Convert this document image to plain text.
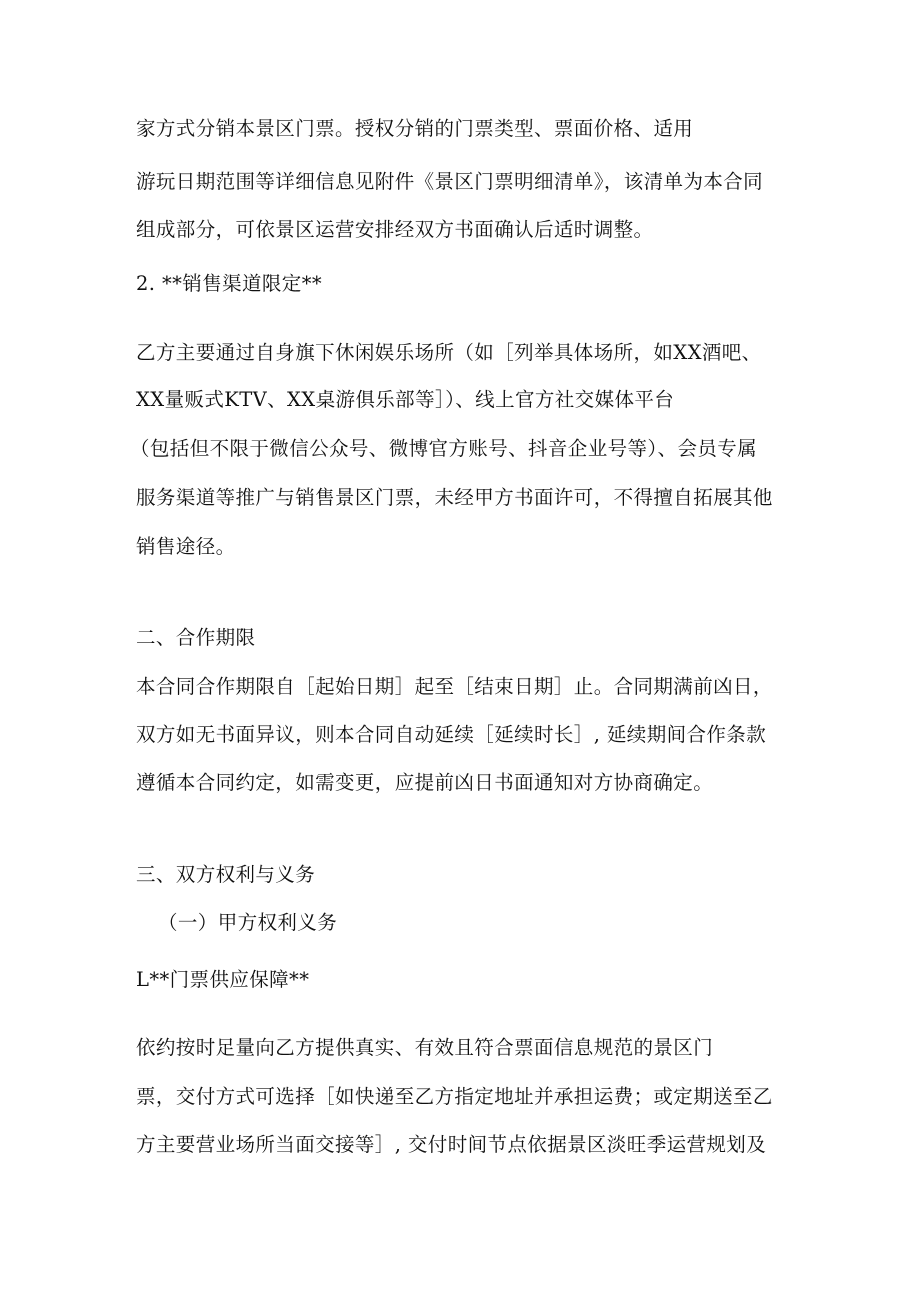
家方式分销本景区门票。授权分销的门票类型、票面价格、适用
游玩日期范围等详细信息见附件《景区门票明细清单》，该清单为本合同
组成部分，可依景区运营安排经双方书面确认后适时调整。
2. **销售渠道限定**
乙方主要通过自身旗下休闲娱乐场所（如［列举具体场所，如XX酒吧、
XX量贩式KTV、XX桌游俱乐部等］）、线上官方社交媒体平台
（包括但不限于微信公众号、微博官方账号、抖音企业号等）、会员专属
服务渠道等推广与销售景区门票，未经甲方书面许可，不得擅自拓展其他
销售途径。
二、合作期限
本合同合作期限自［起始日期］起至［结束日期］止。合同期满前凶日，
双方如无书面异议，则本合同自动延续［延续时长］, 延续期间合作条款
遵循本合同约定，如需变更，应提前凶日书面通知对方协商确定。
三、双方权利与义务
（一）甲方权利义务
L**门票供应保障**
依约按时足量向乙方提供真实、有效且符合票面信息规范的景区门
票，交付方式可选择［如快递至乙方指定地址并承担运费；或定期送至乙
方主要营业场所当面交接等］, 交付时间节点依据景区淡旺季运营规划及
